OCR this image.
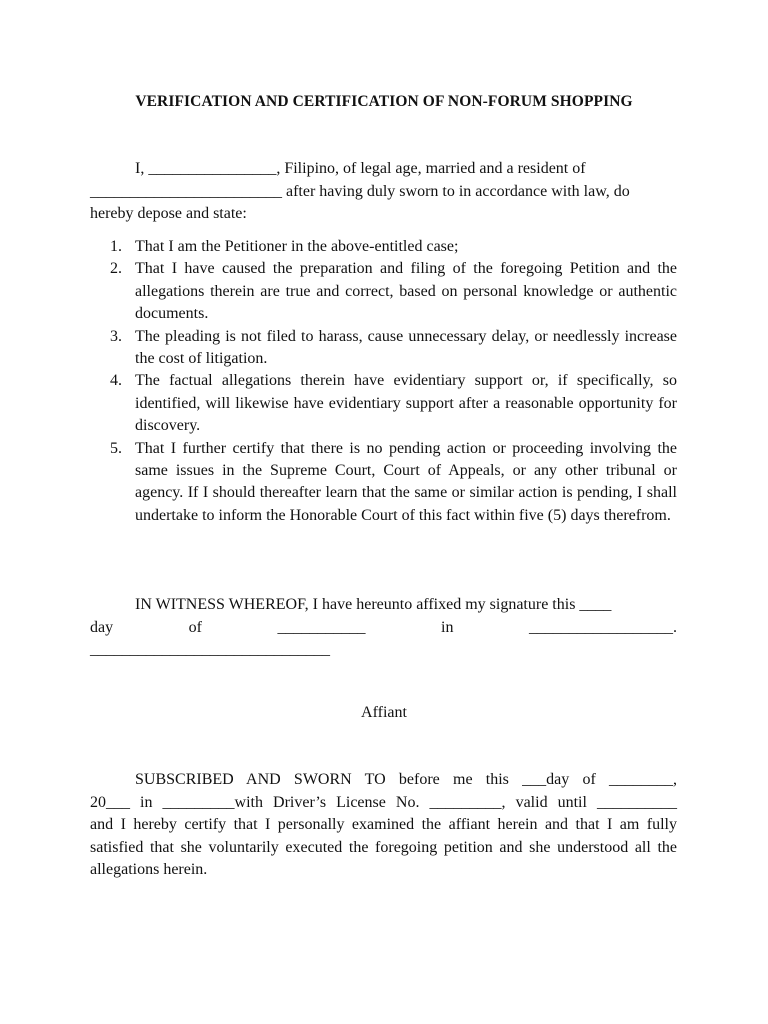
VERIFICATION AND CERTIFICATION OF NON-FORUM SHOPPING
I, ________________, Filipino, of legal age, married and a resident of
________________________ after having duly sworn to in accordance with law, do
hereby depose and state:
1. That I am the Petitioner in the above-entitled case;
2. That I have caused the preparation and filing of the foregoing Petition and the allegations therein are true and correct, based on personal knowledge or authentic documents.
3. The pleading is not filed to harass, cause unnecessary delay, or needlessly increase the cost of litigation.
4. The factual allegations therein have evidentiary support or, if specifically, so identified, will likewise have evidentiary support after a reasonable opportunity for discovery.
5. That I further certify that there is no pending action or proceeding involving the same issues in the Supreme Court, Court of Appeals, or any other tribunal or agency. If I should thereafter learn that the same or similar action is pending, I shall undertake to inform the Honorable Court of this fact within five (5) days therefrom.
IN WITNESS WHEREOF, I have hereunto affixed my signature this ____
day of ___________ in __________________.
______________________________
Affiant
SUBSCRIBED AND SWORN TO before me this ___day of ________,
20___ in _________with Driver’s License No. _________, valid until __________
and I hereby certify that I personally examined the affiant herein and that I am fully satisfied that she voluntarily executed the foregoing petition and she understood all the allegations herein.
